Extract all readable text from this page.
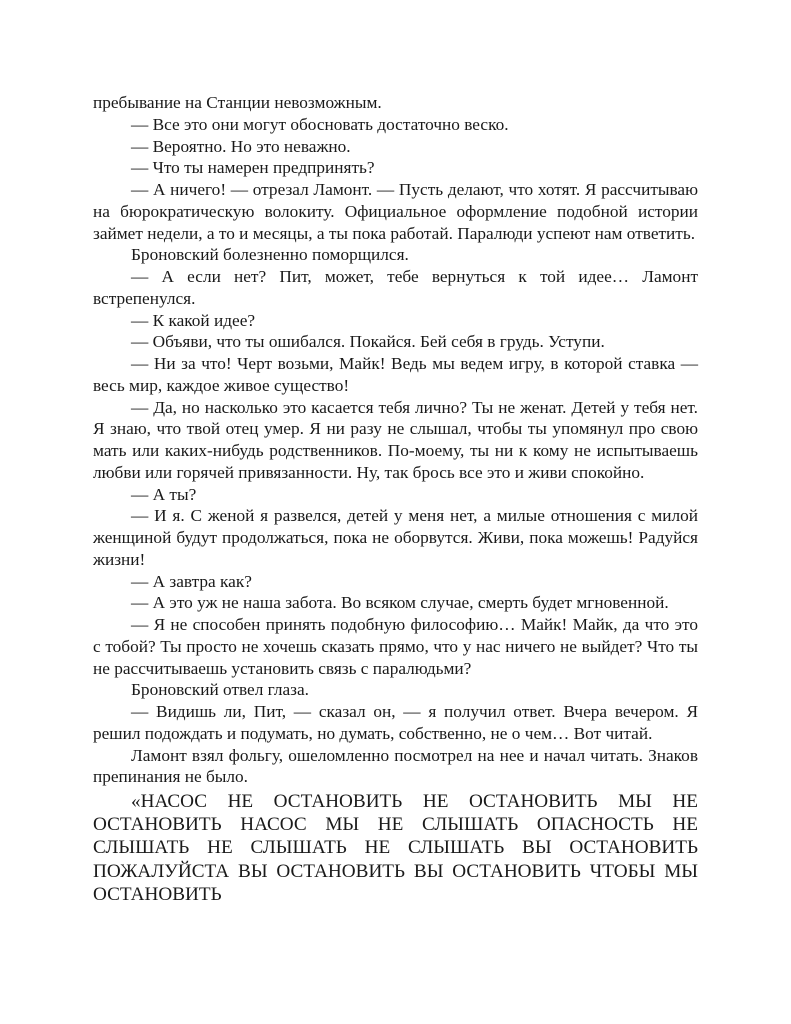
пребывание на Станции невозможным.

— Все это они могут обосновать достаточно веско.

— Вероятно. Но это неважно.

— Что ты намерен предпринять?

— А ничего! — отрезал Ламонт. — Пусть делают, что хотят. Я рассчитываю на бюрократическую волокиту. Официальное оформление подобной истории займет недели, а то и месяцы, а ты пока работай. Паралюди успеют нам ответить.

Броновский болезненно поморщился.

— А если нет? Пит, может, тебе вернуться к той идее… Ламонт встрепенулся.

— К какой идее?

— Объяви, что ты ошибался. Покайся. Бей себя в грудь. Уступи.

— Ни за что! Черт возьми, Майк! Ведь мы ведем игру, в которой ставка — весь мир, каждое живое существо!

— Да, но насколько это касается тебя лично? Ты не женат. Детей у тебя нет. Я знаю, что твой отец умер. Я ни разу не слышал, чтобы ты упомянул про свою мать или каких-нибудь родственников. По-моему, ты ни к кому не испытываешь любви или горячей привязанности. Ну, так брось все это и живи спокойно.

— А ты?

— И я. С женой я развелся, детей у меня нет, а милые отношения с милой женщиной будут продолжаться, пока не оборвутся. Живи, пока можешь! Радуйся жизни!

— А завтра как?

— А это уж не наша забота. Во всяком случае, смерть будет мгновенной.

— Я не способен принять подобную философию… Майк! Майк, да что это с тобой? Ты просто не хочешь сказать прямо, что у нас ничего не выйдет? Что ты не рассчитываешь установить связь с паралюдьми?

Броновский отвел глаза.

— Видишь ли, Пит, — сказал он, — я получил ответ. Вчера вечером. Я решил подождать и подумать, но думать, собственно, не о чем… Вот читай.

Ламонт взял фольгу, ошеломленно посмотрел на нее и начал читать. Знаков препинания не было.

«НАСОС НЕ ОСТАНОВИТЬ НЕ ОСТАНОВИТЬ МЫ НЕ ОСТАНОВИТЬ НАСОС МЫ НЕ СЛЫШАТЬ ОПАСНОСТЬ НЕ СЛЫШАТЬ НЕ СЛЫШАТЬ НЕ СЛЫШАТЬ ВЫ ОСТАНОВИТЬ ПОЖАЛУЙСТА ВЫ ОСТАНОВИТЬ ВЫ ОСТАНОВИТЬ ЧТОБЫ МЫ ОСТАНОВИТЬ
